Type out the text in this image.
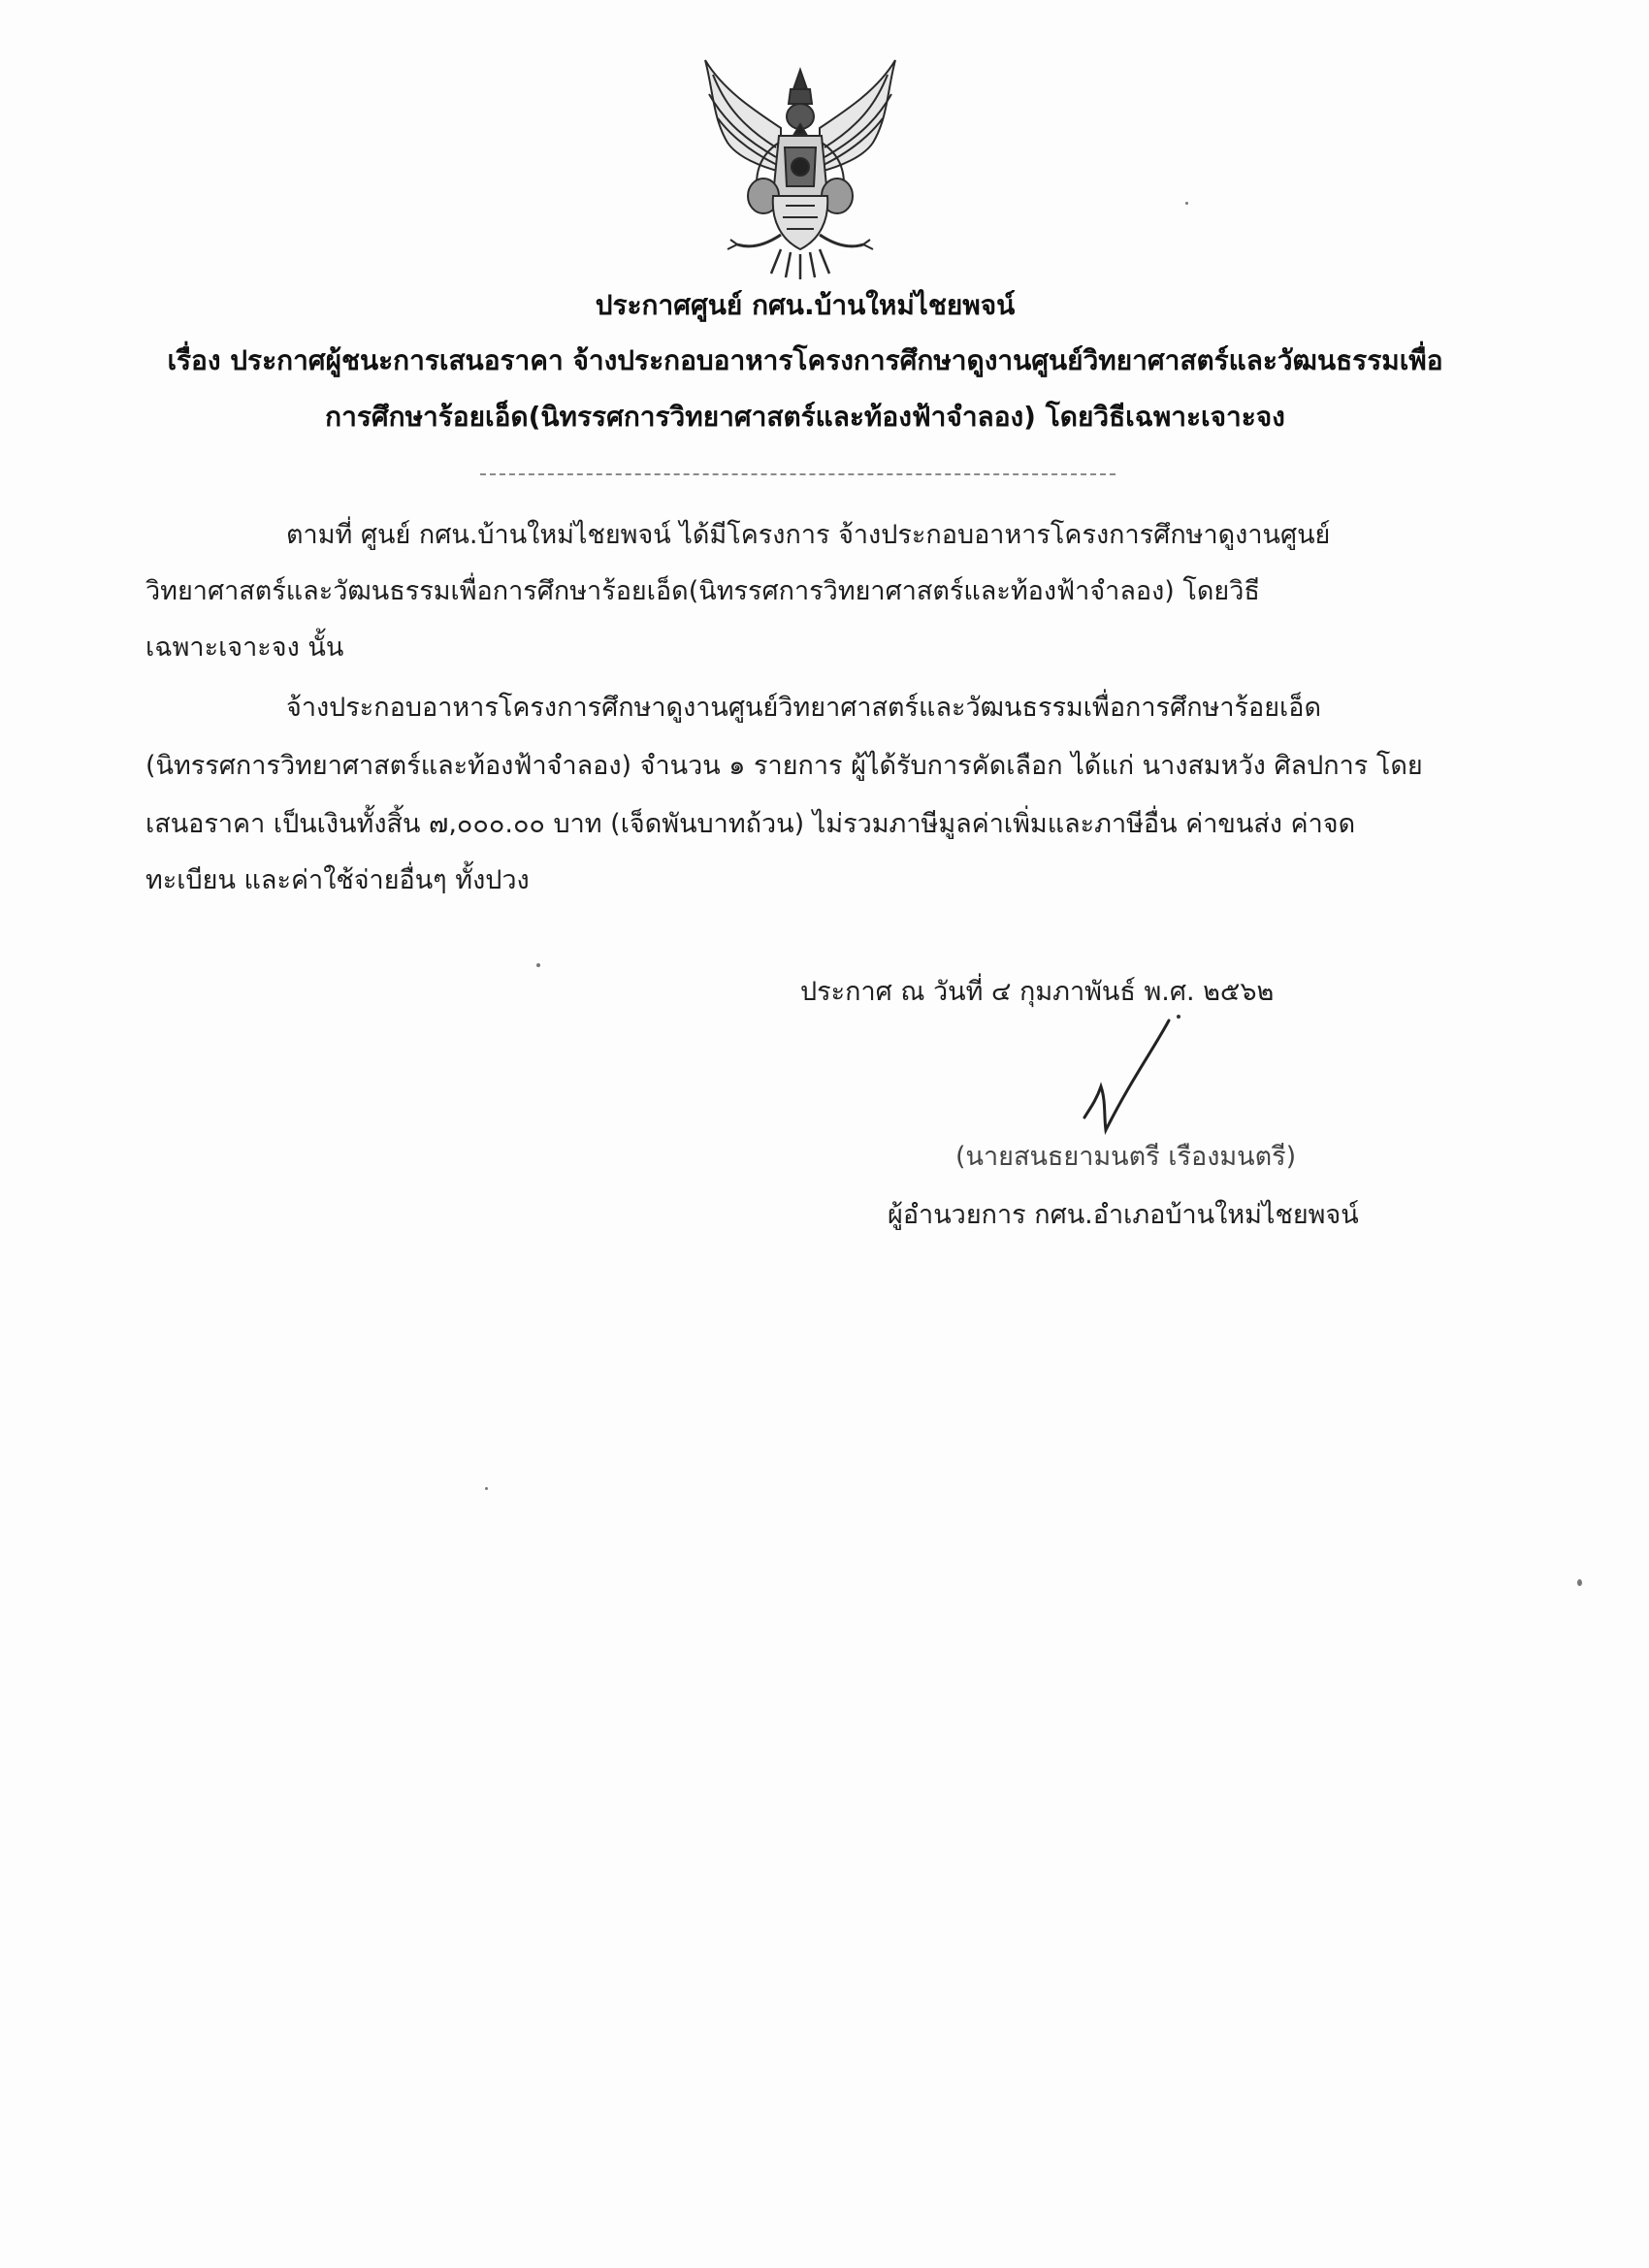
ประกาศศูนย์ กศน.บ้านใหม่ไชยพจน์
เรื่อง ประกาศผู้ชนะการเสนอราคา จ้างประกอบอาหารโครงการศึกษาดูงานศูนย์วิทยาศาสตร์และวัฒนธรรมเพื่อ
การศึกษาร้อยเอ็ด(นิทรรศการวิทยาศาสตร์และท้องฟ้าจำลอง) โดยวิธีเฉพาะเจาะจง
ตามที่ ศูนย์ กศน.บ้านใหม่ไชยพจน์ ได้มีโครงการ จ้างประกอบอาหารโครงการศึกษาดูงานศูนย์
วิทยาศาสตร์และวัฒนธรรมเพื่อการศึกษาร้อยเอ็ด(นิทรรศการวิทยาศาสตร์และท้องฟ้าจำลอง) โดยวิธี
เฉพาะเจาะจง นั้น
จ้างประกอบอาหารโครงการศึกษาดูงานศูนย์วิทยาศาสตร์และวัฒนธรรมเพื่อการศึกษาร้อยเอ็ด
(นิทรรศการวิทยาศาสตร์และท้องฟ้าจำลอง) จำนวน ๑ รายการ ผู้ได้รับการคัดเลือก ได้แก่ นางสมหวัง ศิลปการ โดย
เสนอราคา เป็นเงินทั้งสิ้น ๗,๐๐๐.๐๐ บาท (เจ็ดพันบาทถ้วน) ไม่รวมภาษีมูลค่าเพิ่มและภาษีอื่น ค่าขนส่ง ค่าจด
ทะเบียน และค่าใช้จ่ายอื่นๆ ทั้งปวง
ประกาศ ณ วันที่ ๔ กุมภาพันธ์ พ.ศ. ๒๕๖๒
(นายสนธยามนตรี เรืองมนตรี)
ผู้อำนวยการ กศน.อำเภอบ้านใหม่ไชยพจน์
